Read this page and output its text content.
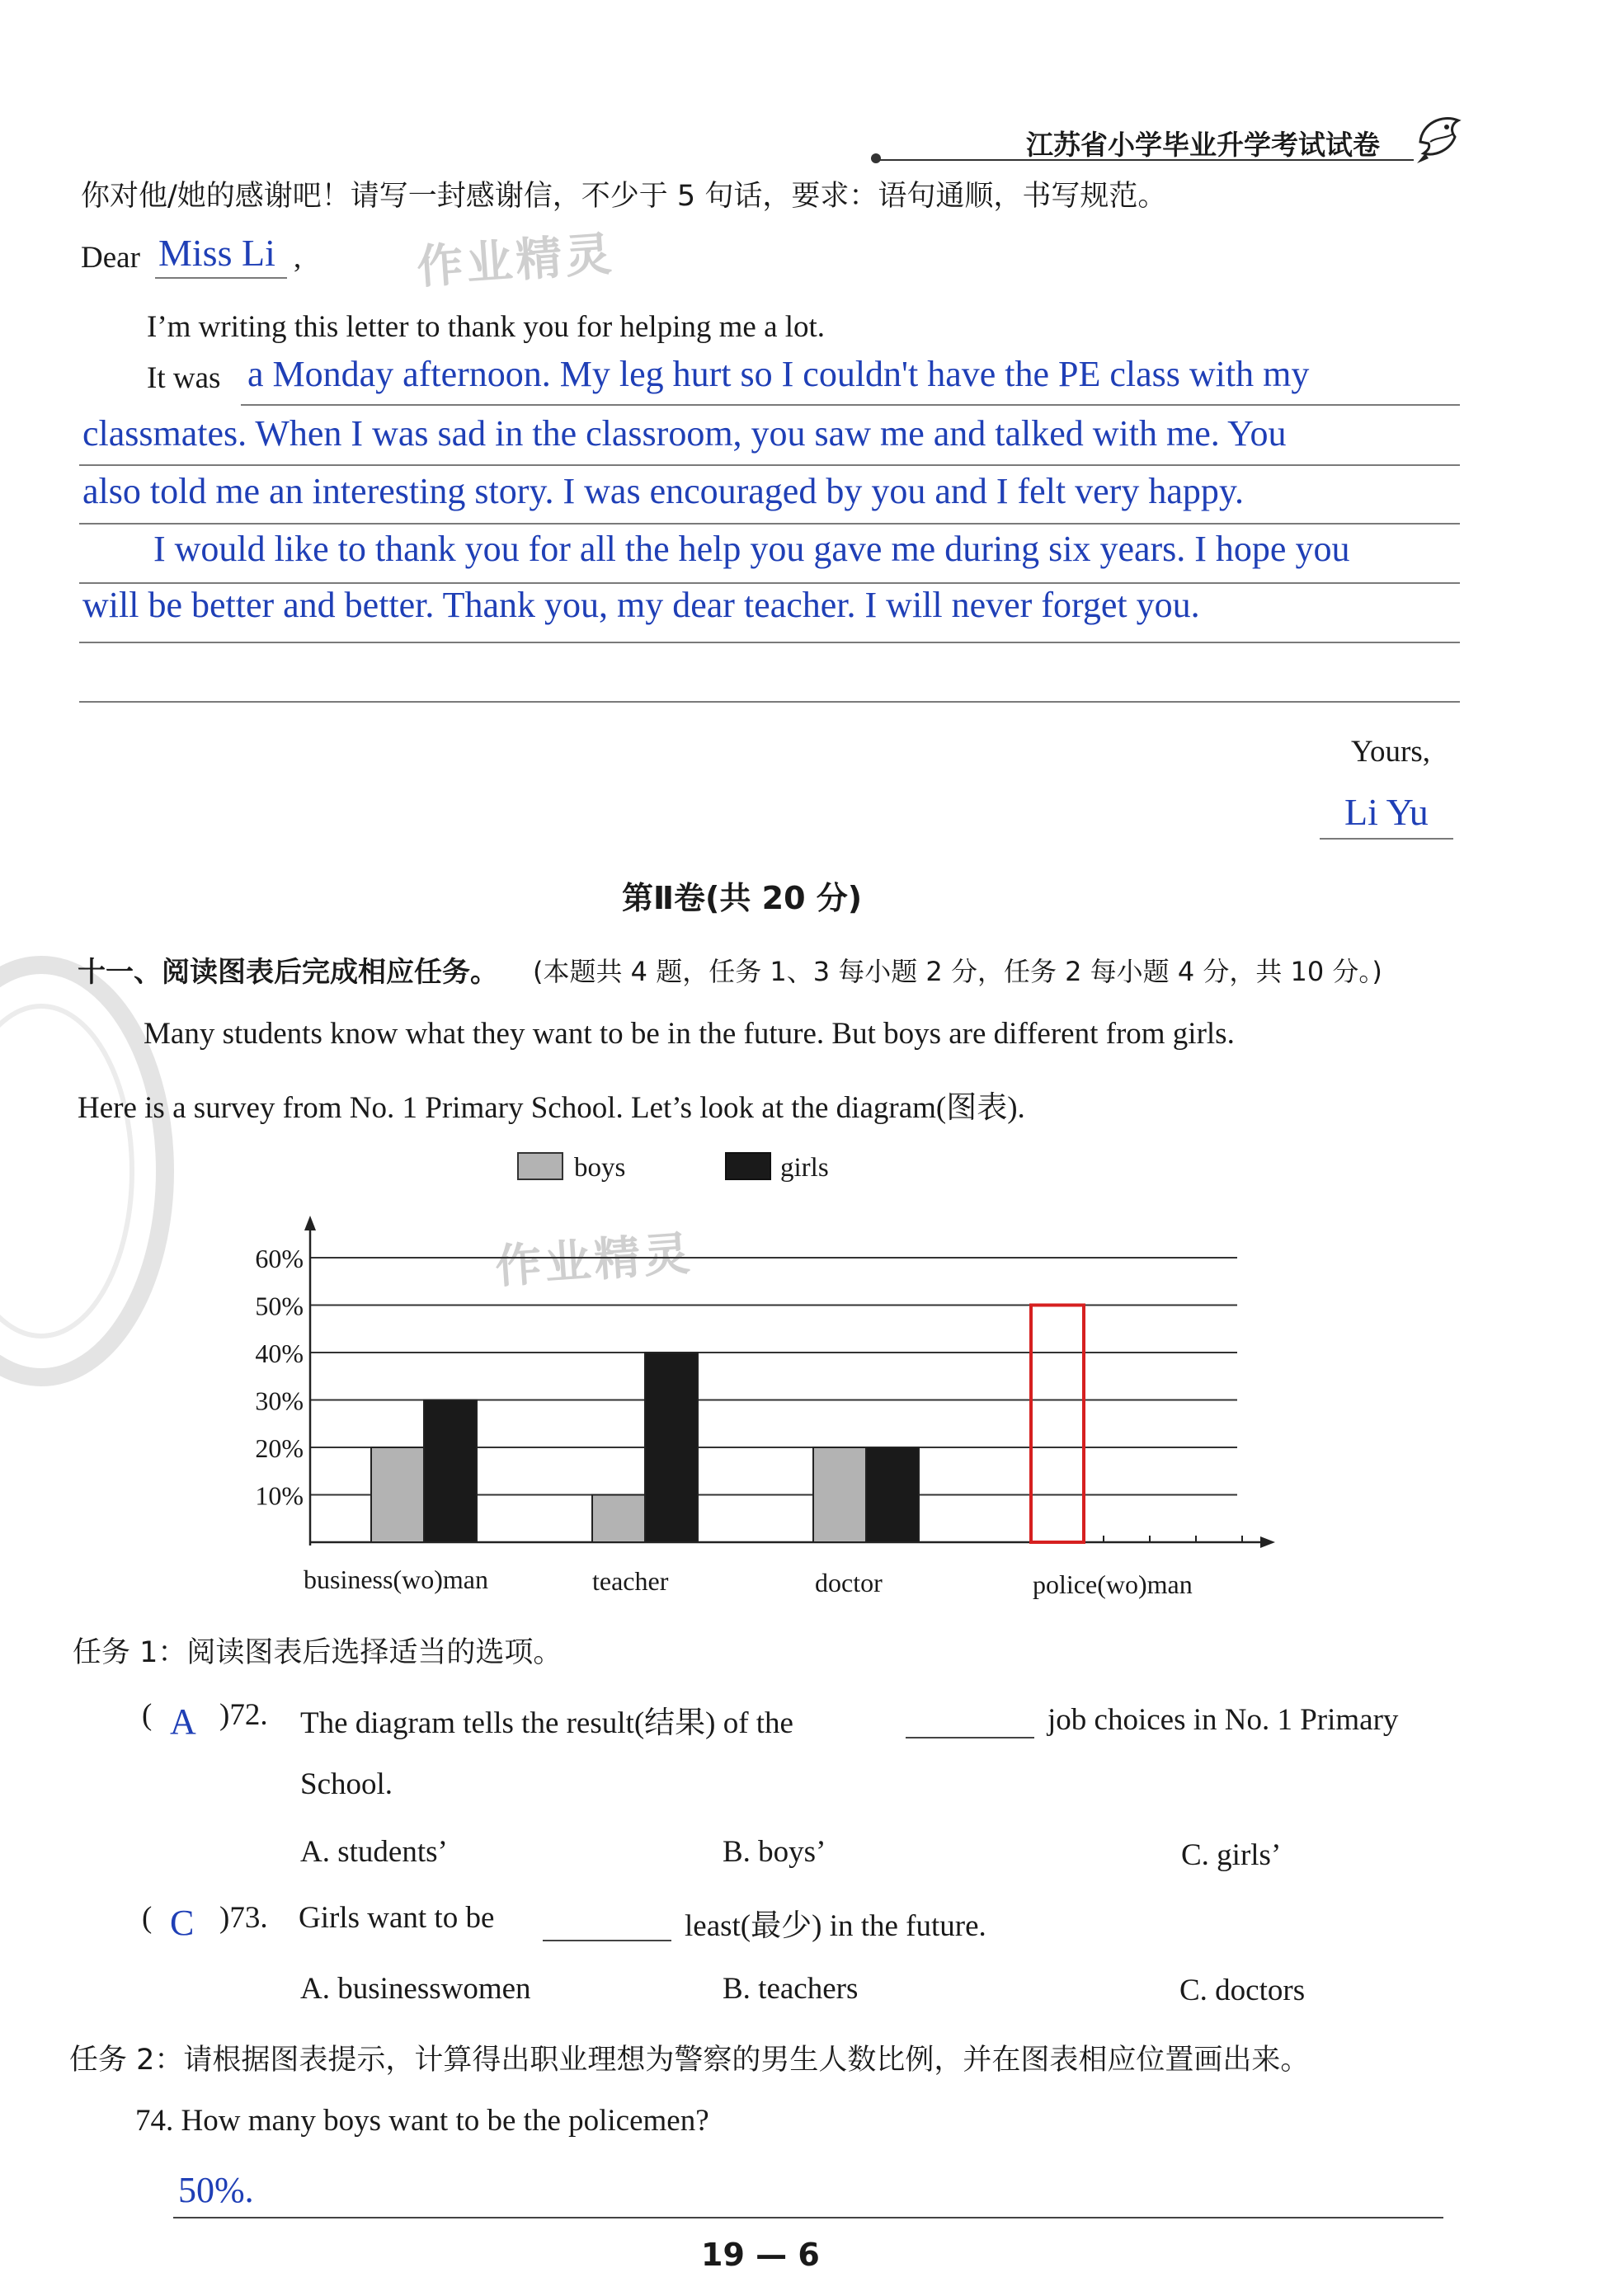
江苏省小学毕业升学考试试卷
你对他/她的感谢吧！请写一封感谢信，不少于 5 句话，要求：语句通顺，书写规范。
作业精灵
作业精灵
Dear Miss Li ,
I’m writing this letter to thank you for helping me a lot.
It was a Monday afternoon. My leg hurt so I couldn't have the PE class with my
classmates. When I was sad in the classroom, you saw me and talked with me. You
also told me an interesting story. I was encouraged by you and I felt very happy.
I would like to thank you for all the help you gave me during six years. I hope you
will be better and better. Thank you, my dear teacher. I will never forget you.
Yours,
Li Yu
第Ⅱ卷(共 20 分)
十一、阅读图表后完成相应任务。 (本题共 4 题，任务 1、3 每小题 2 分，任务 2 每小题 4 分，共 10 分。)
Many students know what they want to be in the future. But boys are different from girls.
Here is a survey from No. 1 Primary School. Let’s look at the diagram(图表).
boys	girls
10%
20%
30%
40%
50%
60%
business(wo)man	teacher	doctor	police(wo)man
任务 1：阅读图表后选择适当的选项。
( A )72. The diagram tells the result(结果) of the	job choices in No. 1 Primary
School.
A. students’	B. boys’	C. girls’
( C )73. Girls want to be	least(最少) in the future.
A. businesswomen	B. teachers	C. doctors
任务 2：请根据图表提示，计算得出职业理想为警察的男生人数比例，并在图表相应位置画出来。
74. How many boys want to be the policemen?
50%.
19 — 6
